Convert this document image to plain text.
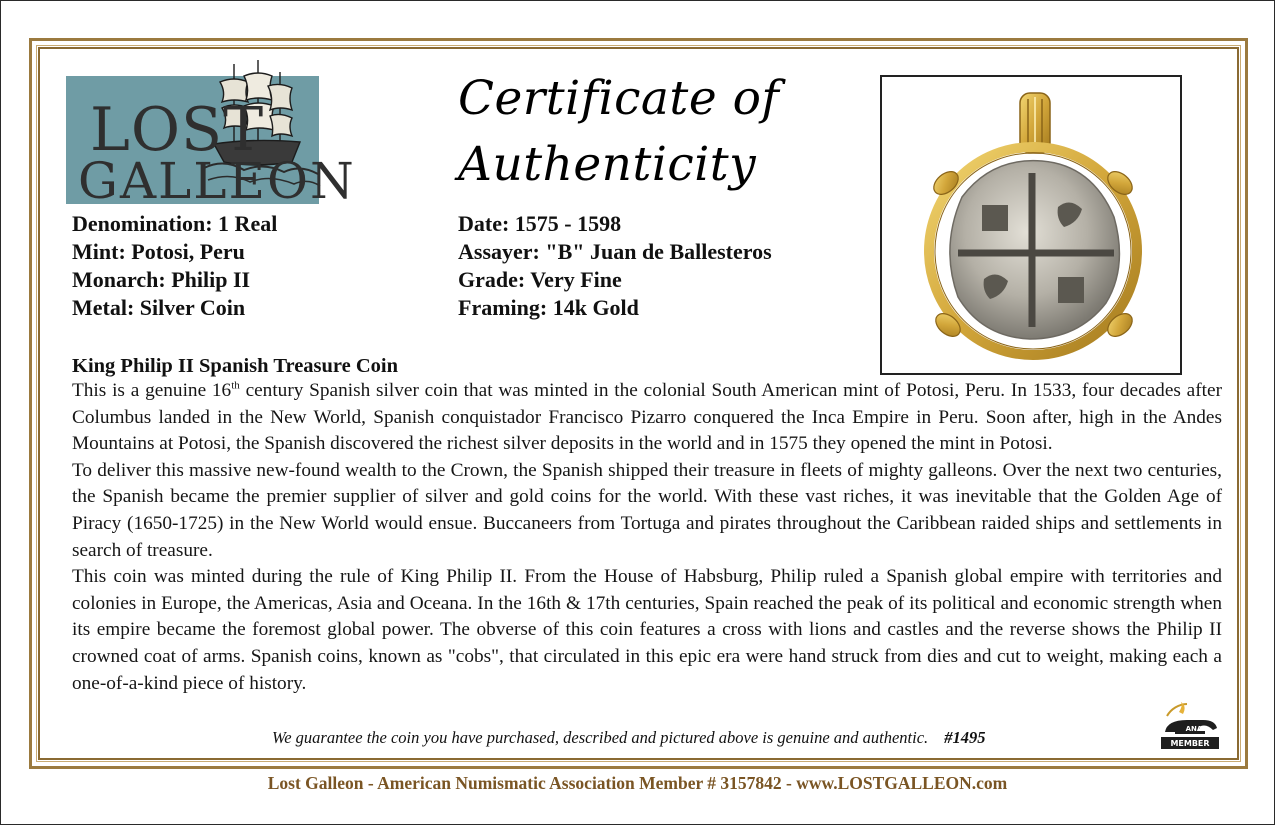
LOST
GALLEON
Certificate of
Authenticity
Denomination: 1 Real
Mint: Potosi, Peru
Monarch: Philip II
Metal: Silver Coin
Date: 1575 - 1598
Assayer: "B" Juan de Ballesteros
Grade: Very Fine
Framing: 14k Gold
King Philip II Spanish Treasure Coin

This is a genuine 16th century Spanish silver coin that was minted in the colonial South American mint of Potosi, Peru. In 1533, four decades after Columbus landed in the New World, Spanish conquistador Francisco Pizarro conquered the Inca Empire in Peru. Soon after, high in the Andes Mountains at Potosi, the Spanish discovered the richest silver deposits in the world and in 1575 they opened the mint in Potosi.

To deliver this massive new-found wealth to the Crown, the Spanish shipped their treasure in fleets of mighty galleons. Over the next two centuries, the Spanish became the premier supplier of silver and gold coins for the world. With these vast riches, it was inevitable that the Golden Age of Piracy (1650-1725) in the New World would ensue. Buccaneers from Tortuga and pirates throughout the Caribbean raided ships and settlements in search of treasure.

This coin was minted during the rule of King Philip II. From the House of Habsburg, Philip ruled a Spanish global empire with territories and colonies in Europe, the Americas, Asia and Oceana. In the 16th & 17th centuries, Spain reached the peak of its political and economic strength when its empire became the foremost global power. The obverse of this coin features a cross with lions and castles and the reverse shows the Philip II crowned coat of arms. Spanish coins, known as "cobs", that circulated in this epic era were hand struck from dies and cut to weight, making each a one-of-a-kind piece of history.

We guarantee the coin you have purchased, described and pictured above is genuine and authentic. #1495	ANA
MEMBER
Lost Galleon - American Numismatic Association Member # 3157842 - www.LOSTGALLEON.com
